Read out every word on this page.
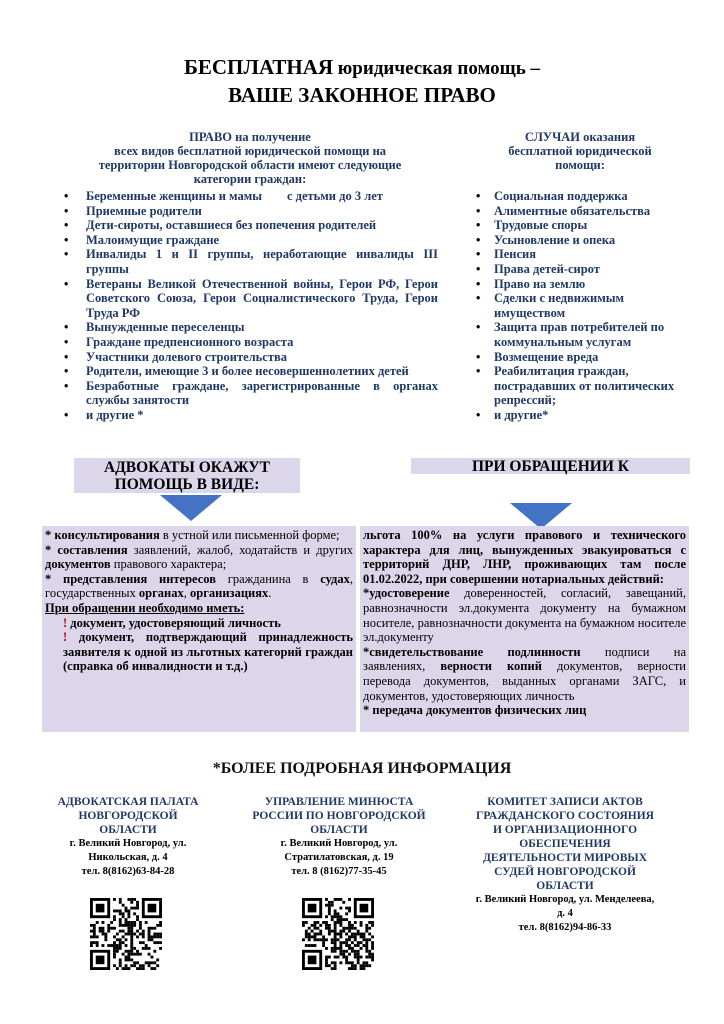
БЕСПЛАТНАЯ юридическая помощь –
ВАШЕ ЗАКОННОЕ ПРАВО
ПРАВО на получение
всех видов бесплатной юридической помощи на
территории Новгородской области имеют следующие
категории граждан:
• Беременные женщины и мамы        с детьми до 3 лет
• Приемные родители
• Дети-сироты, оставшиеся без попечения родителей
• Малоимущие граждане
• Инвалиды 1 и II группы, неработающие инвалиды III группы
• Ветераны Великой Отечественной войны, Герои РФ, Герои Советского Союза, Герои Социалистического Труда, Герои Труда РФ
• Вынужденные переселенцы
• Граждане предпенсионного возраста
• Участники долевого строительства
• Родители, имеющие 3 и более несовершеннолетних детей
• Безработные граждане, зарегистрированные в органах службы занятости
• и другие *
СЛУЧАИ оказания
бесплатной юридической
помощи:
• Социальная поддержка
• Алиментные обязательства
• Трудовые споры
• Усыновление и опека
• Пенсия
• Права детей-сирот
• Право на землю
• Сделки с недвижимым имуществом
• Защита прав потребителей по коммунальным услугам
• Возмещение вреда
• Реабилитация граждан, пострадавших от политических репрессий;
• и другие*
АДВОКАТЫ ОКАЖУТ
ПОМОЩЬ В ВИДЕ:
ПРИ ОБРАЩЕНИИ К
* консультирования в устной или письменной форме;
* составления заявлений, жалоб, ходатайств и других документов правового характера;
* представления интересов гражданина в судах, государственных органах, организациях.
При обращении необходимо иметь:
! документ, удостоверяющий личность
! документ, подтверждающий принадлежность заявителя к одной из льготных категорий граждан (справка об инвалидности и т.д.)
льгота 100% на услуги правового и технического характера для лиц, вынужденных эвакуироваться с территорий ДНР, ЛНР, проживающих там после 01.02.2022, при совершении нотариальных действий:
*удостоверение доверенностей, согласий, завещаний, равнозначности эл.документа документу на бумажном носителе, равнозначности документа на бумажном носителе эл.документу
*свидетельствование подлинности подписи на заявлениях, верности копий документов, верности перевода документов, выданных органами ЗАГС, и документов, удостоверяющих личность
* передача документов физических лиц
*БОЛЕЕ ПОДРОБНАЯ ИНФОРМАЦИЯ
АДВОКАТСКАЯ ПАЛАТА
НОВГОРОДСКОЙ
ОБЛАСТИ
г. Великий Новгород, ул.
Никольская, д. 4
тел. 8(8162)63-84-28
УПРАВЛЕНИЕ МИНЮСТА
РОССИИ ПО НОВГОРОДСКОЙ
ОБЛАСТИ
г. Великий Новгород, ул.
Стратилатовская, д. 19
тел. 8 (8162)77-35-45
КОМИТЕТ ЗАПИСИ АКТОВ
ГРАЖДАНСКОГО СОСТОЯНИЯ
И ОРГАНИЗАЦИОННОГО
ОБЕСПЕЧЕНИЯ
ДЕЯТЕЛЬНОСТИ МИРОВЫХ
СУДЕЙ НОВГОРОДСКОЙ
ОБЛАСТИ
г. Великий Новгород, ул. Менделеева,
д. 4
тел. 8(8162)94-86-33
